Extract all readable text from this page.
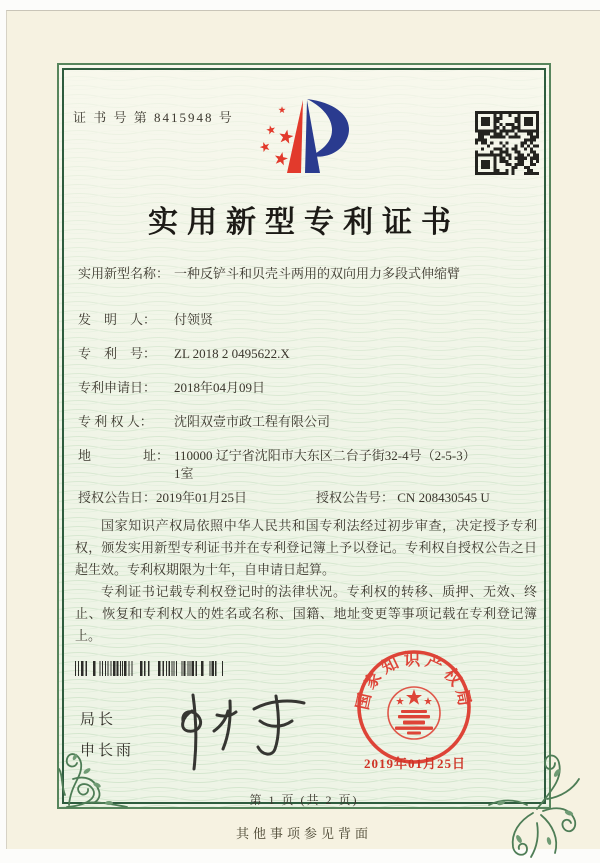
证 书 号 第 8415948 号
实用新型专利证书
实用新型名称： 一种反铲斗和贝壳斗两用的双向用力多段式伸缩臂
发　明　人：	付领贤
专　利　号：	ZL 2018 2 0495622.X
专利申请日：	2018年04月09日
专 利 权 人：	沈阳双壹市政工程有限公司
地　　　　址： 110000 辽宁省沈阳市大东区二台子街32-4号（2-5-3）1室
授权公告日： 2019年01月25日	授权公告号： CN 208430545 U

国家知识产权局依照中华人民共和国专利法经过初步审查，决定授予专利权，颁发实用新型专利证书并在专利登记簿上予以登记。专利权自授权公告之日起生效。专利权期限为十年，自申请日起算。

专利证书记载专利权登记时的法律状况。专利权的转移、质押、无效、终止、恢复和专利权人的姓名或名称、国籍、地址变更等事项记载在专利登记簿上。

局长
申长雨
国家知识产权局
2019年01月25日
第 1 页 (共 2 页)
其他事项参见背面
